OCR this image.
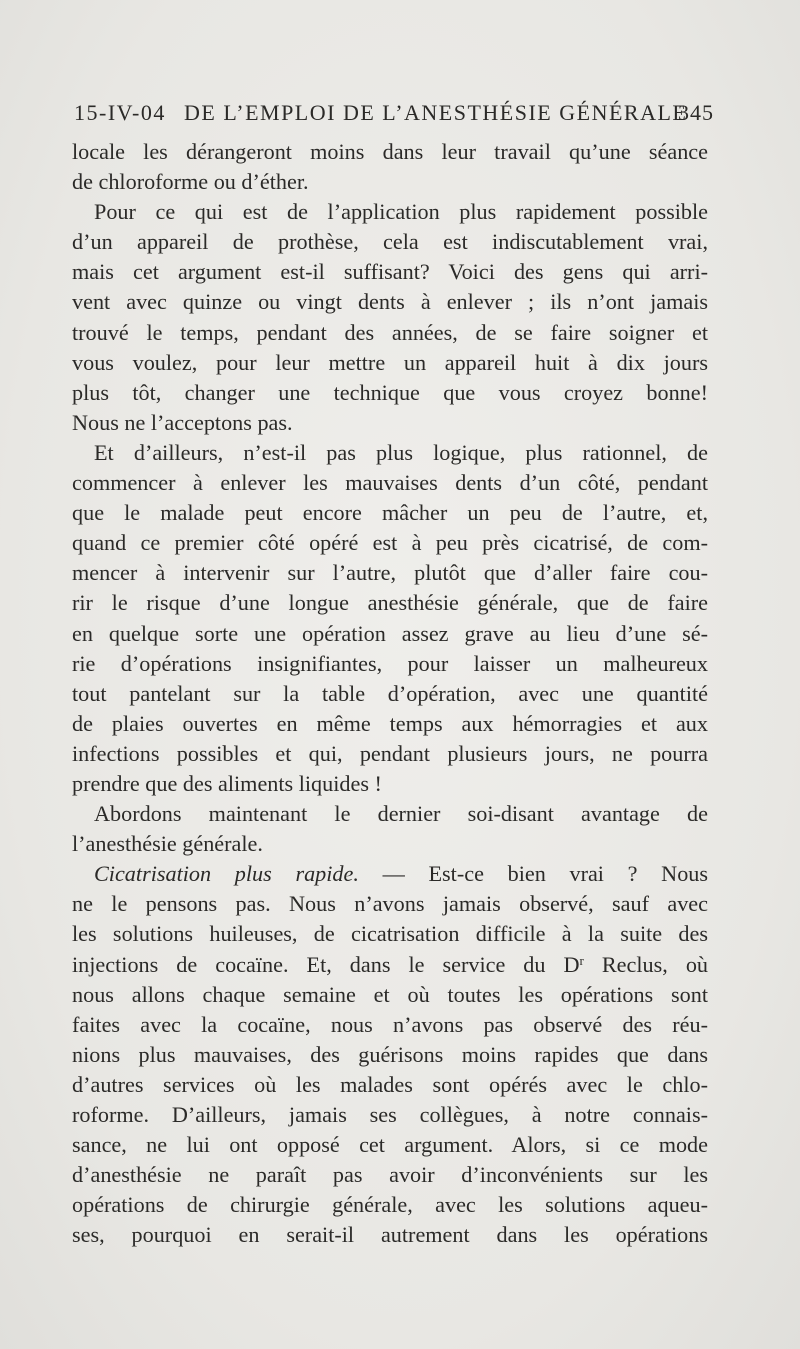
15-IV-04 DE L’EMPLOI DE L’ANESTHÉSIE GÉNÉRALE
345
locale les dérangeront moins dans leur travail qu’une séance
de chloroforme ou d’éther.
Pour ce qui est de l’application plus rapidement possible
d’un appareil de prothèse, cela est indiscutablement vrai,
mais cet argument est-il suffisant? Voici des gens qui arri-
vent avec quinze ou vingt dents à enlever ; ils n’ont jamais
trouvé le temps, pendant des années, de se faire soigner et
vous voulez, pour leur mettre un appareil huit à dix jours
plus tôt, changer une technique que vous croyez bonne!
Nous ne l’acceptons pas.
Et d’ailleurs, n’est-il pas plus logique, plus rationnel, de
commencer à enlever les mauvaises dents d’un côté, pendant
que le malade peut encore mâcher un peu de l’autre, et,
quand ce premier côté opéré est à peu près cicatrisé, de com-
mencer à intervenir sur l’autre, plutôt que d’aller faire cou-
rir le risque d’une longue anesthésie générale, que de faire
en quelque sorte une opération assez grave au lieu d’une sé-
rie d’opérations insignifiantes, pour laisser un malheureux
tout pantelant sur la table d’opération, avec une quantité
de plaies ouvertes en même temps aux hémorragies et aux
infections possibles et qui, pendant plusieurs jours, ne pourra
prendre que des aliments liquides !
Abordons maintenant le dernier soi-disant avantage de
l’anesthésie générale.
Cicatrisation plus rapide. — Est-ce bien vrai ? Nous
ne le pensons pas. Nous n’avons jamais observé, sauf avec
les solutions huileuses, de cicatrisation difficile à la suite des
injections de cocaïne. Et, dans le service du $D^r$ Reclus, où
nous allons chaque semaine et où toutes les opérations sont
faites avec la cocaïne, nous n’avons pas observé des réu-
nions plus mauvaises, des guérisons moins rapides que dans
d’autres services où les malades sont opérés avec le chlo-
roforme. D’ailleurs, jamais ses collègues, à notre connais-
sance, ne lui ont opposé cet argument. Alors, si ce mode
d’anesthésie ne paraît pas avoir d’inconvénients sur les
opérations de chirurgie générale, avec les solutions aqueu-
ses, pourquoi en serait-il autrement dans les opérations
